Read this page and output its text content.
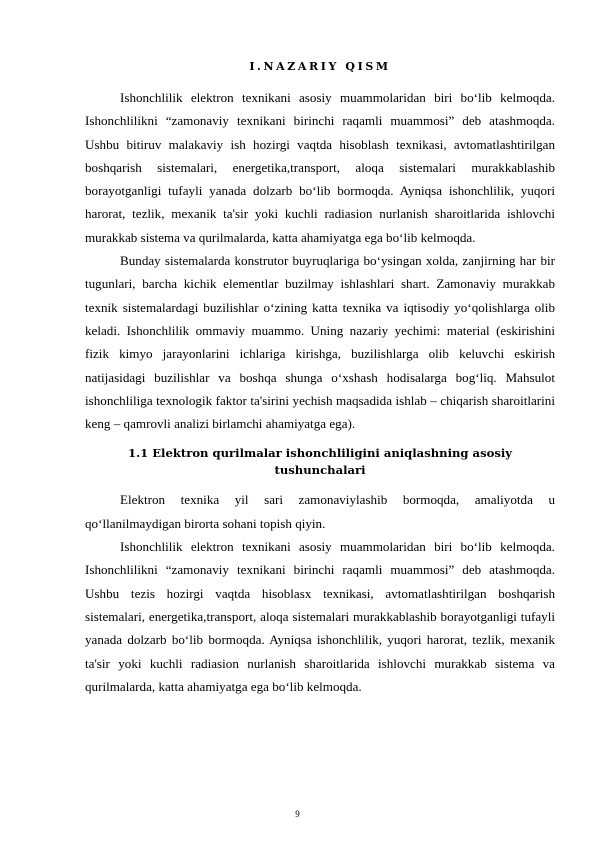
I.NAZARIY QISM

Ishonchlilik elektron texnikani asosiy muammolaridan biri bo‘lib kelmoqda. Ishonchlilikni “zamonaviy texnikani birinchi raqamli muammosi” deb atashmoqda. Ushbu bitiruv malakaviy ish hozirgi vaqtda hisoblash texnikasi, avtomatlashtirilgan boshqarish sistemalari, energetika,transport, aloqa sistemalari murakkablashib borayotganligi tufayli yanada dolzarb bo‘lib bormoqda. Ayniqsa ishonchlilik, yuqori harorat, tezlik, mexanik ta'sir yoki kuchli radiasion nurlanish sharoitlarida ishlovchi murakkab sistema va qurilmalarda, katta ahamiyatga ega bo‘lib kelmoqda.

Bunday sistemalarda konstrutor buyruqlariga bo‘ysingan xolda, zanjirning har bir tugunlari, barcha kichik elementlar buzilmay ishlashlari shart. Zamonaviy murakkab texnik sistemalardagi buzilishlar o‘zining katta texnika va iqtisodiy yo‘qolishlarga olib keladi. Ishonchlilik ommaviy muammo. Uning nazariy yechimi: material (eskirishini fizik kimyo jarayonlarini ichlariga kirishga, buzilishlarga olib keluvchi eskirish natijasidagi buzilishlar va boshqa shunga o‘xshash hodisalarga bog‘liq. Mahsulot ishonchliliga texnologik faktor ta'sirini yechish maqsadida ishlab – chiqarish sharoitlarini keng – qamrovli analizi birlamchi ahamiyatga ega).

1.1 Elektron qurilmalar ishonchliligini aniqlashning asosiy tushunchalari

Elektron texnika yil sari zamonaviylashib bormoqda, amaliyotda u qo‘llanilmaydigan birorta sohani topish qiyin.

Ishonchlilik elektron texnikani asosiy muammolaridan biri bo‘lib kelmoqda. Ishonchlilikni “zamonaviy texnikani birinchi raqamli muammosi” deb atashmoqda. Ushbu tezis hozirgi vaqtda hisoblasx texnikasi, avtomatlashtirilgan boshqarish sistemalari, energetika,transport, aloqa sistemalari murakkablashib borayotganligi tufayli yanada dolzarb bo‘lib bormoqda. Ayniqsa ishonchlilik, yuqori harorat, tezlik, mexanik ta'sir yoki kuchli radiasion nurlanish sharoitlarida ishlovchi murakkab sistema va qurilmalarda, katta ahamiyatga ega bo‘lib kelmoqda.

9
